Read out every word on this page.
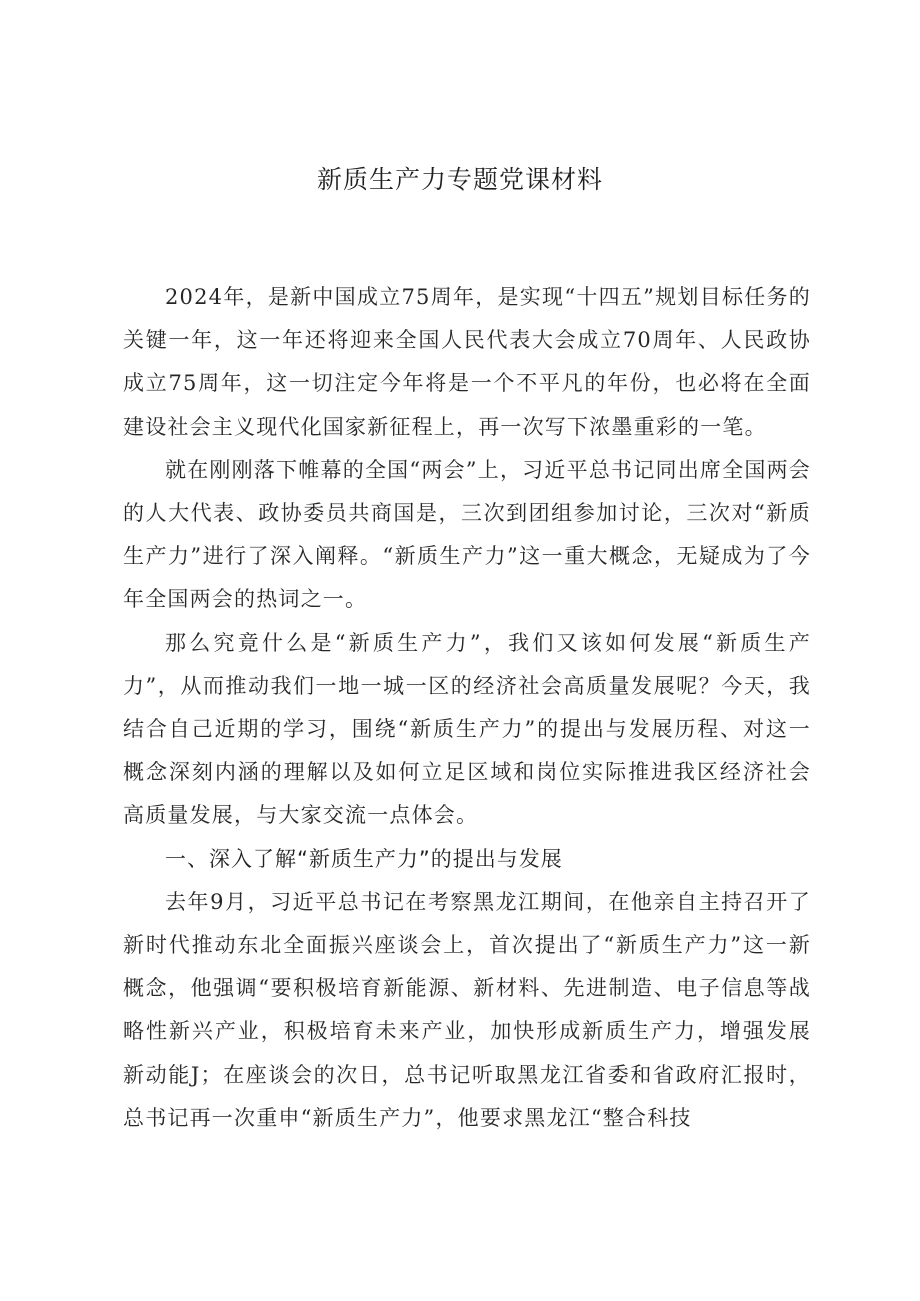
新质生产力专题党课材料

2024年，是新中国成立75周年，是实现“十四五”规划目标任务的关键一年，这一年还将迎来全国人民代表大会成立70周年、人民政协成立75周年，这一切注定今年将是一个不平凡的年份，也必将在全面建设社会主义现代化国家新征程上，再一次写下浓墨重彩的一笔。

就在刚刚落下帷幕的全国“两会”上，习近平总书记同出席全国两会的人大代表、政协委员共商国是，三次到团组参加讨论，三次对“新质生产力”进行了深入阐释。“新质生产力”这一重大概念，无疑成为了今年全国两会的热词之一。

那么究竟什么是“新质生产力”，我们又该如何发展“新质生产力”，从而推动我们一地一城一区的经济社会高质量发展呢？今天，我结合自己近期的学习，围绕“新质生产力”的提出与发展历程、对这一概念深刻内涵的理解以及如何立足区域和岗位实际推进我区经济社会高质量发展，与大家交流一点体会。

一、深入了解“新质生产力”的提出与发展

去年9月，习近平总书记在考察黑龙江期间，在他亲自主持召开了新时代推动东北全面振兴座谈会上，首次提出了“新质生产力”这一新概念，他强调“要积极培育新能源、新材料、先进制造、电子信息等战略性新兴产业，积极培育未来产业，加快形成新质生产力，增强发展新动能J；在座谈会的次日，总书记听取黑龙江省委和省政府汇报时，总书记再一次重申“新质生产力”，他要求黑龙江“整合科技
